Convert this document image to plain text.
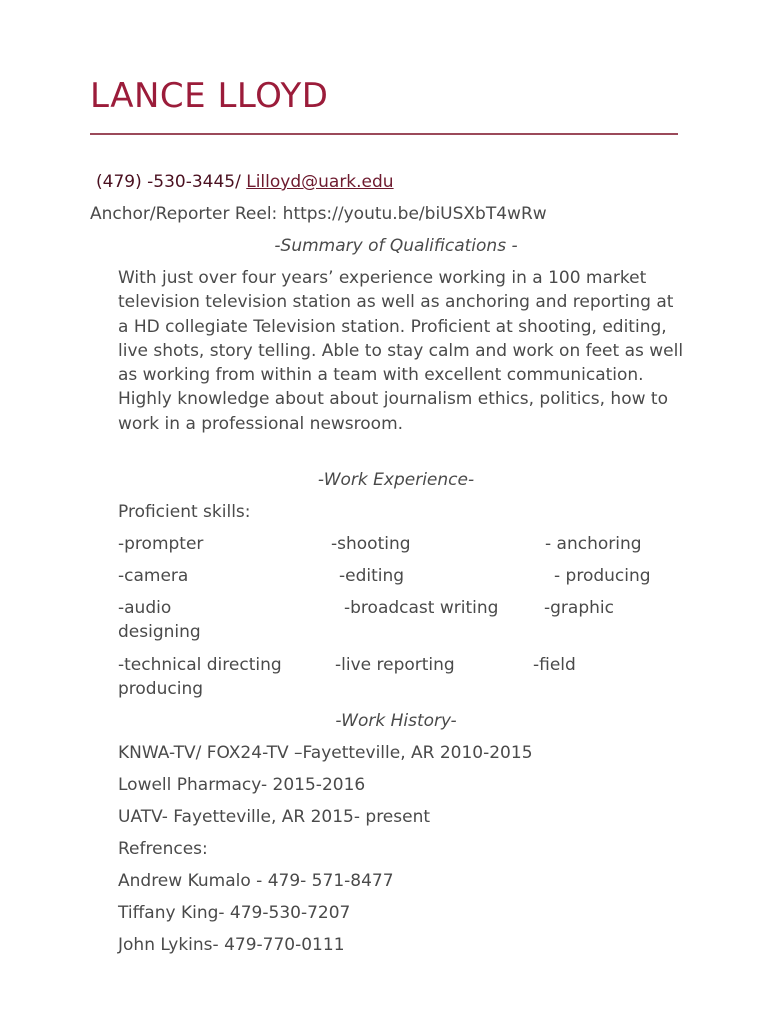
LANCE LLOYD
(479) -530-3445/ Lilloyd@uark.edu
Anchor/Reporter Reel: https://youtu.be/biUSXbT4wRw
-Summary of Qualifications -
With just over four years’ experience working in a 100 market television television station as well as anchoring and reporting at a HD collegiate Television station. Proficient at shooting, editing, live shots, story telling. Able to stay calm and work on feet as well as working from within a team with excellent communication. Highly knowledge about about journalism ethics, politics, how to work in a professional newsroom.
-Work Experience-
Proficient skills:
-prompter	-shooting	- anchoring
-camera	-editing	- producing
-audio	-broadcast writing	-graphic
designing
-technical directing	-live reporting	-field
producing
-Work History-
KNWA-TV/ FOX24-TV –Fayetteville, AR 2010-2015
Lowell Pharmacy- 2015-2016
UATV- Fayetteville, AR 2015- present
Refrences:
Andrew Kumalo - 479- 571-8477
Tiffany King- 479-530-7207
John Lykins- 479-770-0111
